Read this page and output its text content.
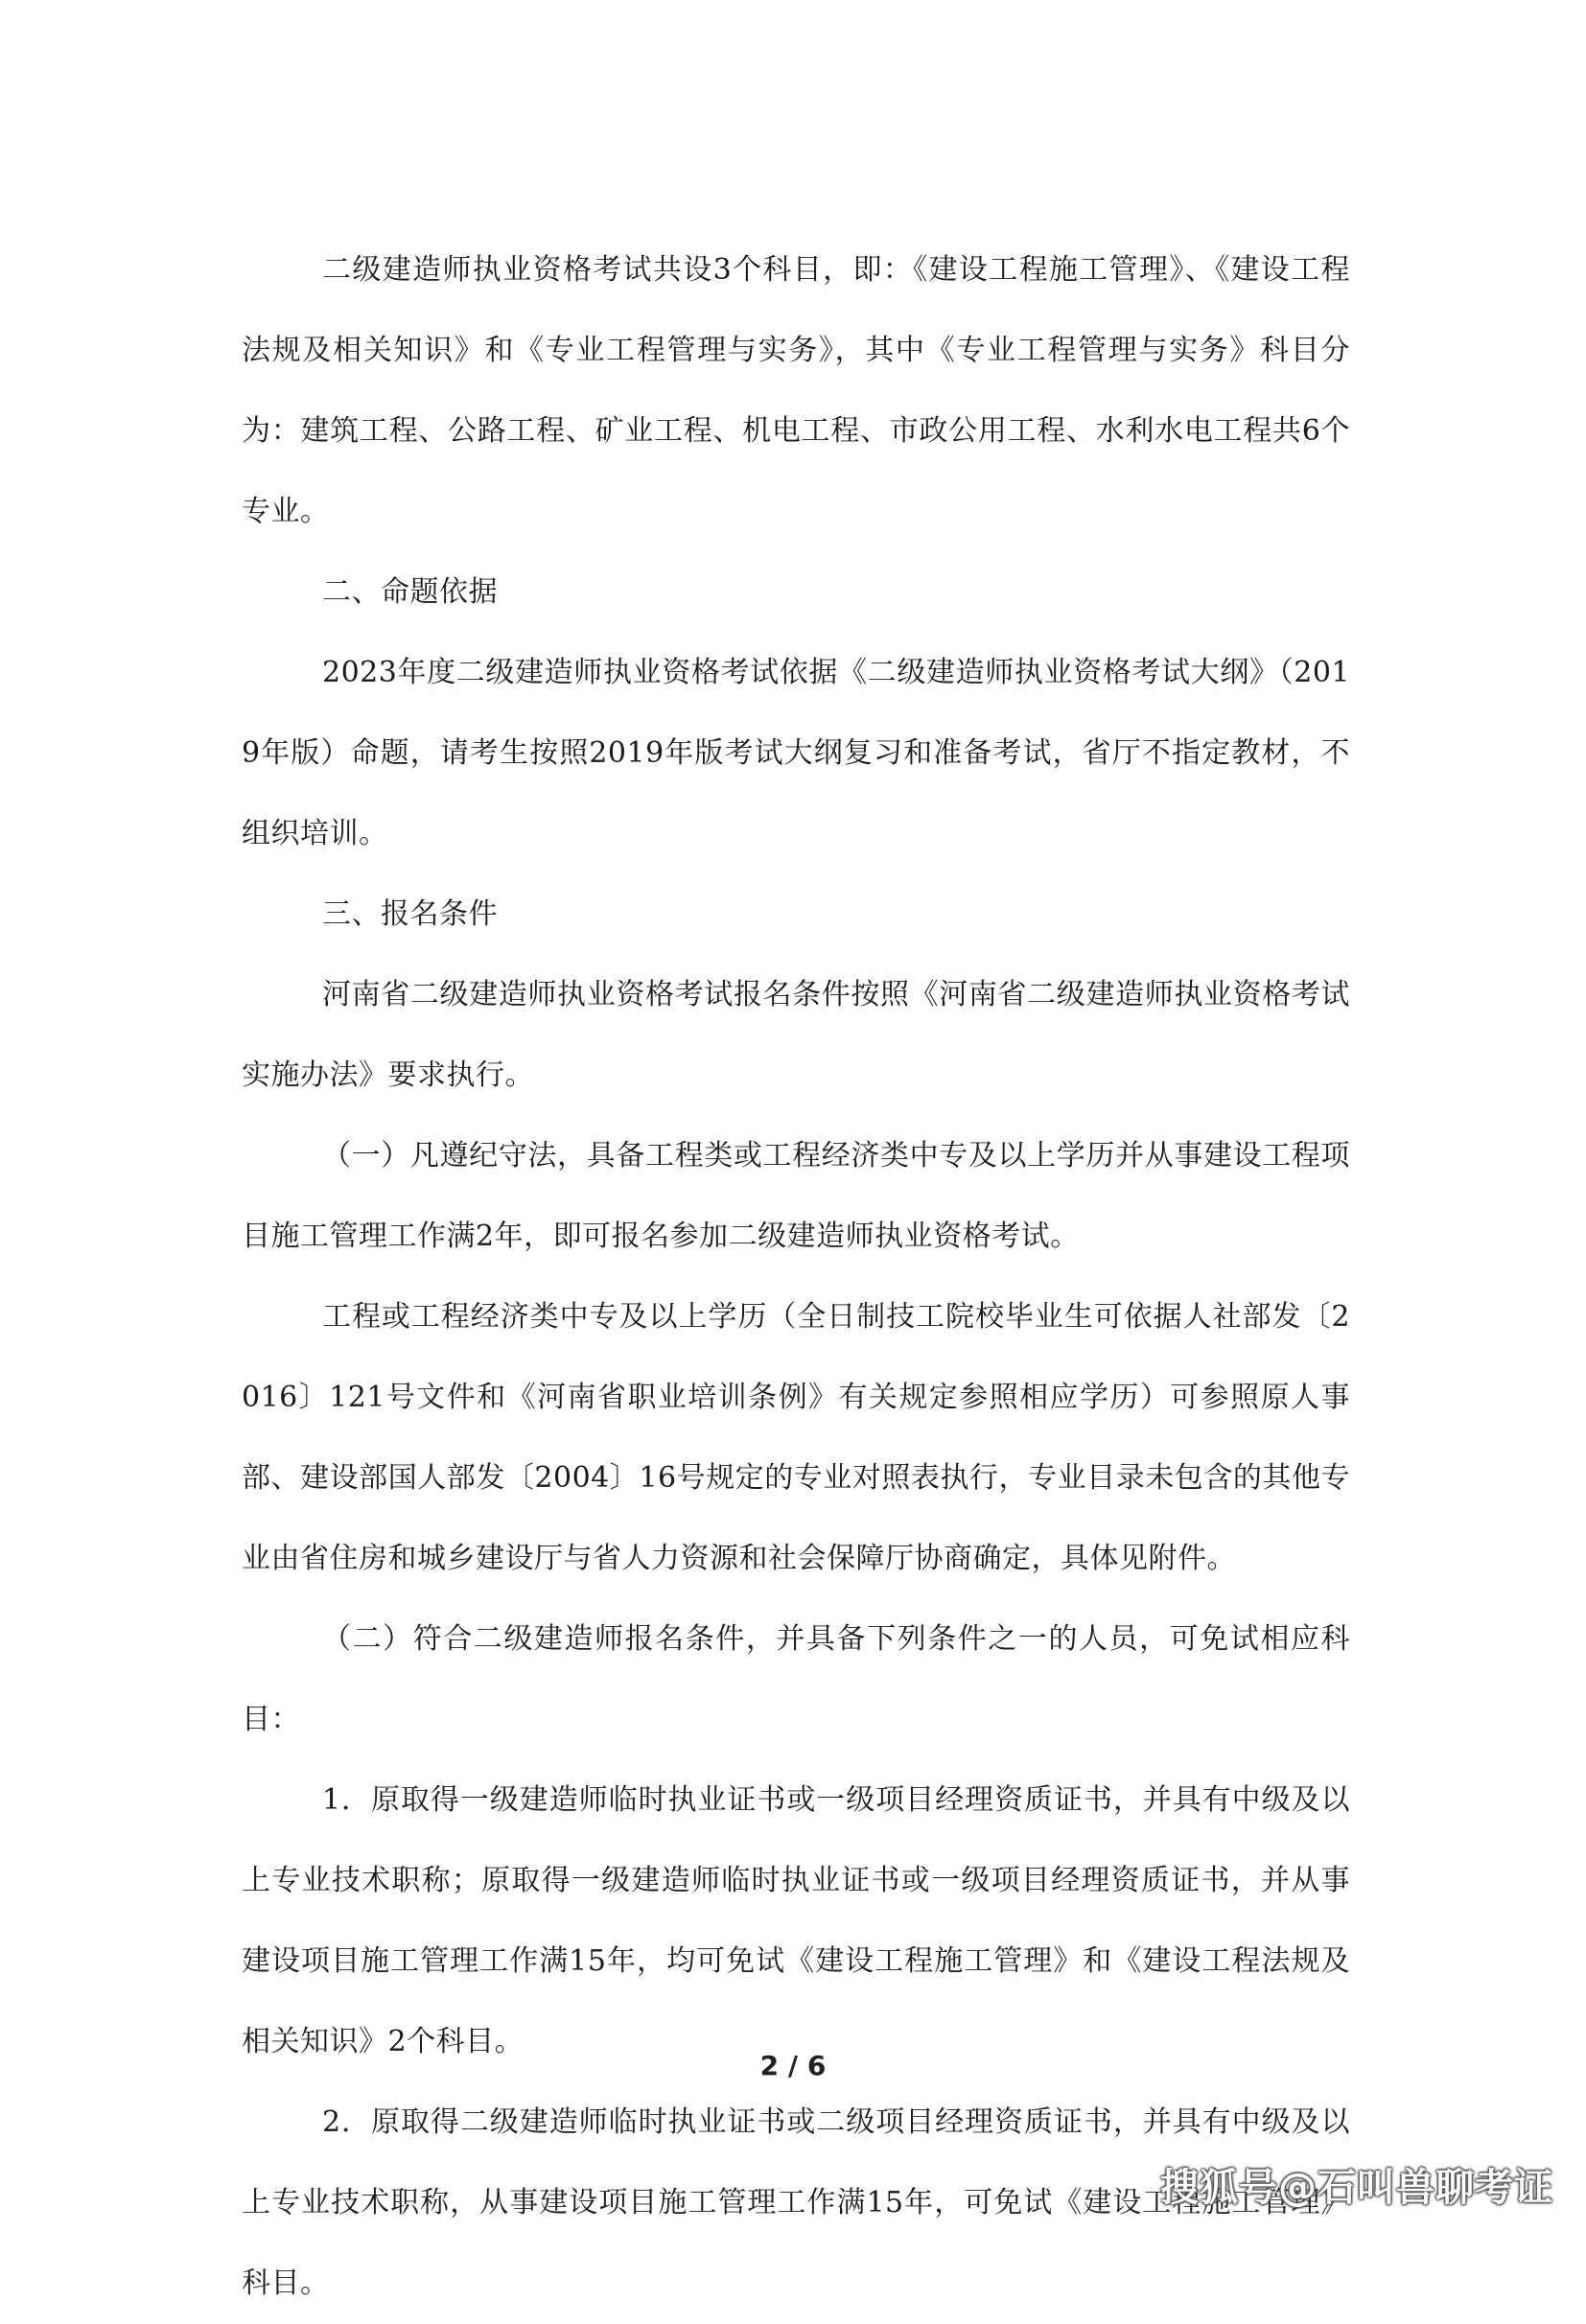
二级建造师执业资格考试共设3个科目，即：《建设工程施工管理》、《建设工程法规及相关知识》和《专业工程管理与实务》，其中《专业工程管理与实务》科目分为：建筑工程、公路工程、矿业工程、机电工程、市政公用工程、水利水电工程共6个专业。

二、命题依据

2023年度二级建造师执业资格考试依据《二级建造师执业资格考试大纲》（2019年版）命题，请考生按照2019年版考试大纲复习和准备考试，省厅不指定教材，不组织培训。

三、报名条件

河南省二级建造师执业资格考试报名条件按照《河南省二级建造师执业资格考试实施办法》要求执行。

（一）凡遵纪守法，具备工程类或工程经济类中专及以上学历并从事建设工程项目施工管理工作满2年，即可报名参加二级建造师执业资格考试。

工程或工程经济类中专及以上学历（全日制技工院校毕业生可依据人社部发〔2016〕121号文件和《河南省职业培训条例》有关规定参照相应学历）可参照原人事部、建设部国人部发〔2004〕16号规定的专业对照表执行，专业目录未包含的其他专业由省住房和城乡建设厅与省人力资源和社会保障厅协商确定，具体见附件。

（二）符合二级建造师报名条件，并具备下列条件之一的人员，可免试相应科目：

1．原取得一级建造师临时执业证书或一级项目经理资质证书，并具有中级及以上专业技术职称；原取得一级建造师临时执业证书或一级项目经理资质证书，并从事建设项目施工管理工作满15年，均可免试《建设工程施工管理》和《建设工程法规及相关知识》2个科目。

2．原取得二级建造师临时执业证书或二级项目经理资质证书，并具有中级及以上专业技术职称，从事建设项目施工管理工作满15年，可免试《建设工程施工管理》科目。

2 / 6
搜狐号@石叫兽聊考证
